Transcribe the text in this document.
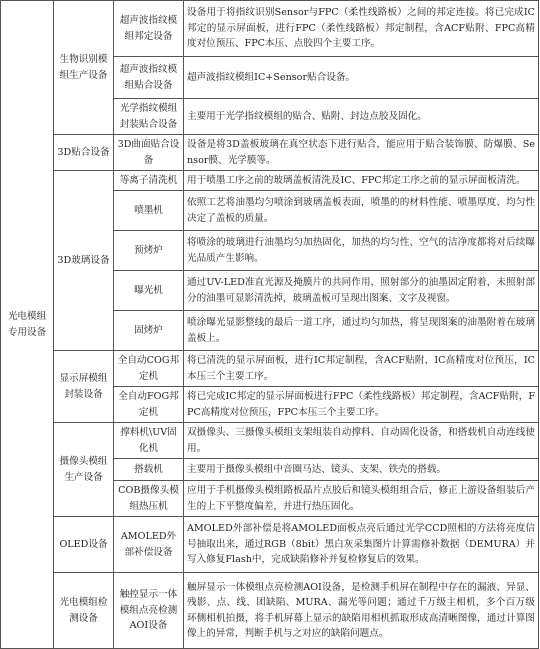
光电模组专用设备	生物识别模组生产设备	超声波指纹模组邦定设备	设备用于将指纹识别Sensor与FPC（柔性线路板）之间的邦定连接。将已完成IC邦定的显示屏面板，进行FPC（柔性线路板）邦定制程，含ACF贴附、FPC高精度对位预压、FPC本压、点胶四个主要工序。
		超声波指纹模组贴合设备	超声波指纹模组IC+Sensor贴合设备。
		光学指纹模组封装贴合设备	主要用于光学指纹模组的贴合、贴附、封边点胶及固化。
	3D贴合设备	3D曲面贴合设备	设备是将3D盖板玻璃在真空状态下进行贴合，能应用于贴合装饰膜、防爆膜、Sensor膜、光学膜等。
	3D玻璃设备	等离子清洗机	用于喷墨工序之前的玻璃盖板清洗及IC、FPC邦定工序之前的显示屏面板清洗。
		喷墨机	依照工艺将油墨均匀喷涂到玻璃盖板表面，喷墨的的材料性能、喷墨厚度、均匀性决定了盖板的质量。
		预烤炉	将喷涂的玻璃进行油墨均匀加热固化，加热的均匀性、空气的洁净度都将对后续曝光品质产生影响。
		曝光机	通过UV-LED准直光源及掩膜片的共同作用，照射部分的油墨固定附着，未照射部分的油墨可显影清洗掉，玻璃盖板可呈现出图案、文字及视窗。
		固烤炉	喷涂曝光显影整线的最后一道工序，通过均匀加热，将呈现图案的油墨附着在玻璃盖板上。
	显示屏模组封装设备	全自动COG邦定机	将已清洗的显示屏面板，进行IC邦定制程，含ACF贴附，IC高精度对位预压，IC本压三个主要工序。
		全自动FOG邦定机	将已完成IC邦定的显示屏面板进行FPC（柔性线路板）邦定制程，含ACF贴附，FPC高精度对位预压，FPC本压三个主要工序。
	摄像头模组生产设备	撑料机\UV固化机	双摄像头、三摄像头模组支架组装自动撑料、自动固化设备，和搭载机自动连线使用。
		搭载机	主要用于摄像头模组中音圈马达、镜头、支架、铁壳的搭载。
		COB摄像头模组热压机	应用于手机摄像头模组路板晶片点胶后和镜头模组组合后，修正上游设备组装后产生的上下平整度偏差，并进行热压固化。
	OLED设备	AMOLED外部补偿设备	AMOLED外部补偿是将AMOLED面板点亮后通过光学CCD照相的方法将亮度信号抽取出来，通过RGB（8bit）黑白灰采集图片计算需修补数据（DEMURA）并写入修复Flash中，完成缺陷修补并复检修复后的效果。
	光电模组检测设备	触控显示一体模组点亮检测AOI设备	触屏显示一体模组点亮检测AOI设备，是检测手机屏在制程中存在的漏液、异显、残影、点、线、团缺陷、MURA、漏光等问题；通过千万级主相机，多个百万级环侧相机拍摄，将手机屏幕上显示的缺陷用相机抓取形成高清晰图像，通过计算图像上的异常，判断手机与之对应的缺陷问题点。
